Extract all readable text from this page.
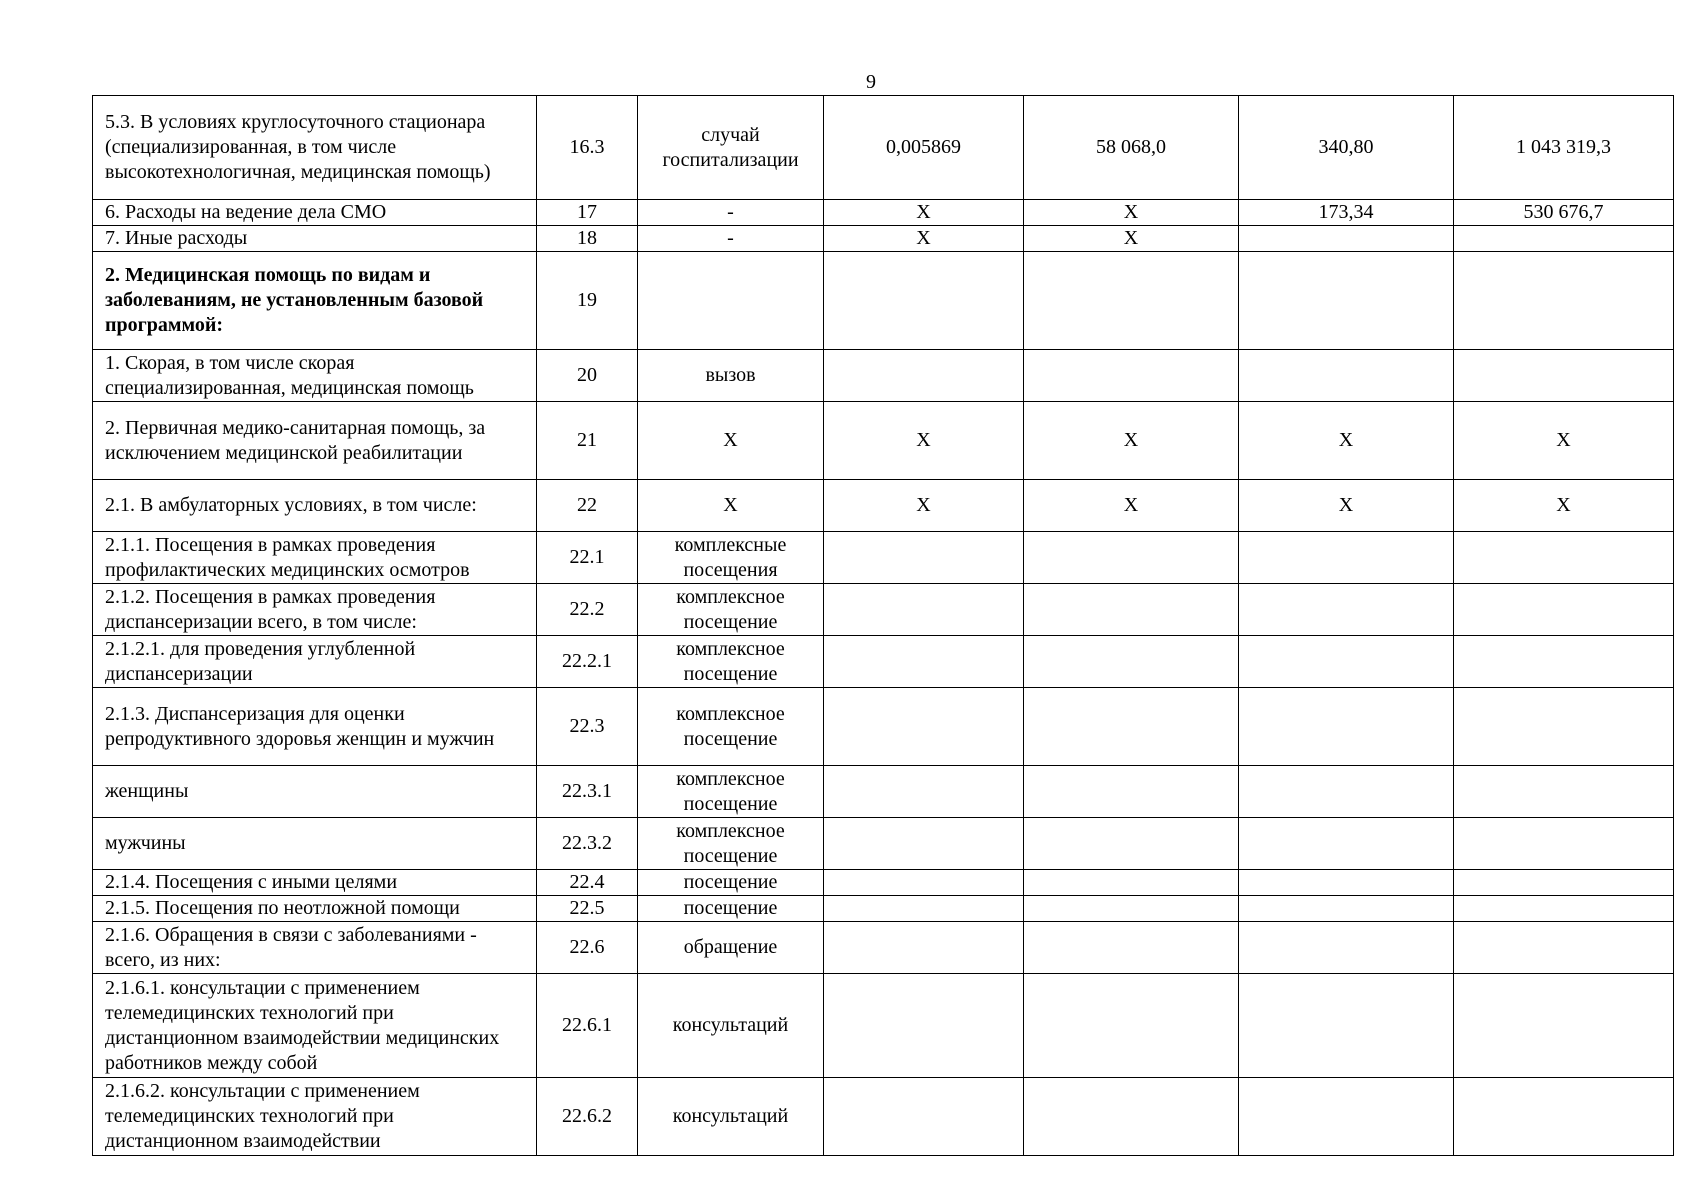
9
5.3. В условиях круглосуточного стационара (специализированная, в том числе высокотехнологичная, медицинская помощь)	16.3	случай госпитализации	0,005869	58 068,0	340,80	1 043 319,3
6. Расходы на ведение дела СМО	17	-	Х	Х	173,34	530 676,7
7. Иные расходы	18	-	Х	Х		
2. Медицинская помощь по видам и заболеваниям, не установленным базовой программой:	19					
1. Скорая, в том числе скорая специализированная, медицинская помощь	20	вызов				
2. Первичная медико-санитарная помощь, за исключением медицинской реабилитации	21	Х	Х	Х	Х	Х
2.1. В амбулаторных условиях, в том числе:	22	Х	Х	Х	Х	Х
2.1.1. Посещения в рамках проведения профилактических медицинских осмотров	22.1	комплексные посещения				
2.1.2. Посещения в рамках проведения диспансеризации всего, в том числе:	22.2	комплексное посещение				
2.1.2.1. для проведения углубленной диспансеризации	22.2.1	комплексное посещение				
2.1.3. Диспансеризация для оценки репродуктивного здоровья женщин и мужчин	22.3	комплексное посещение				
женщины	22.3.1	комплексное посещение				
мужчины	22.3.2	комплексное посещение				
2.1.4. Посещения с иными целями	22.4	посещение				
2.1.5. Посещения по неотложной помощи	22.5	посещение				
2.1.6. Обращения в связи с заболеваниями - всего, из них:	22.6	обращение				
2.1.6.1. консультации с применением телемедицинских технологий при дистанционном взаимодействии медицинских работников между собой	22.6.1	консультаций				
2.1.6.2. консультации с применением телемедицинских технологий при дистанционном взаимодействии	22.6.2	консультаций				
